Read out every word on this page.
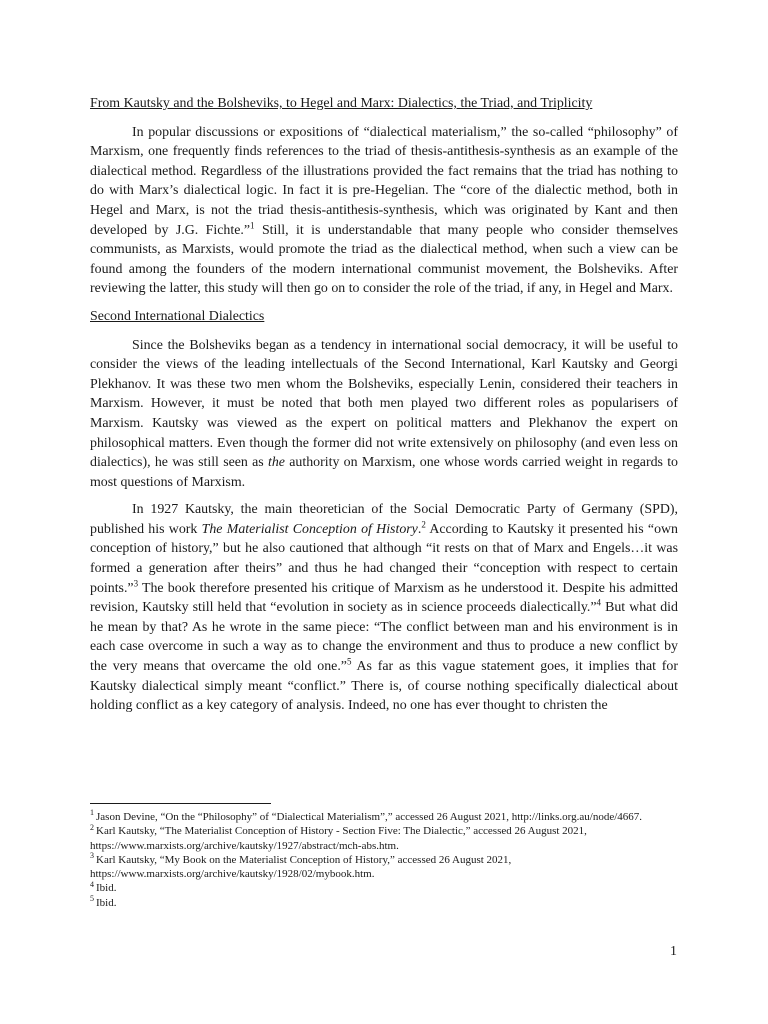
From Kautsky and the Bolsheviks, to Hegel and Marx: Dialectics, the Triad, and Triplicity

In popular discussions or expositions of “dialectical materialism,” the so-called “philosophy” of Marxism, one frequently finds references to the triad of thesis-antithesis-synthesis as an example of the dialectical method. Regardless of the illustrations provided the fact remains that the triad has nothing to do with Marx’s dialectical logic. In fact it is pre-Hegelian. The “core of the dialectic method, both in Hegel and Marx, is not the triad thesis-antithesis-synthesis, which was originated by Kant and then developed by J.G. Fichte.”$^1$ Still, it is understandable that many people who consider themselves communists, as Marxists, would promote the triad as the dialectical method, when such a view can be found among the founders of the modern international communist movement, the Bolsheviks. After reviewing the latter, this study will then go on to consider the role of the triad, if any, in Hegel and Marx.

Second International Dialectics

Since the Bolsheviks began as a tendency in international social democracy, it will be useful to consider the views of the leading intellectuals of the Second International, Karl Kautsky and Georgi Plekhanov. It was these two men whom the Bolsheviks, especially Lenin, considered their teachers in Marxism. However, it must be noted that both men played two different roles as popularisers of Marxism. Kautsky was viewed as the expert on political matters and Plekhanov the expert on philosophical matters. Even though the former did not write extensively on philosophy (and even less on dialectics), he was still seen as the authority on Marxism, one whose words carried weight in regards to most questions of Marxism.

In 1927 Kautsky, the main theoretician of the Social Democratic Party of Germany (SPD), published his work The Materialist Conception of History.$^2$ According to Kautsky it presented his “own conception of history,” but he also cautioned that although “it rests on that of Marx and Engels…it was formed a generation after theirs” and thus he had changed their “conception with respect to certain points.”$^3$ The book therefore presented his critique of Marxism as he understood it. Despite his admitted revision, Kautsky still held that “evolution in society as in science proceeds dialectically.”$^4$ But what did he mean by that? As he wrote in the same piece: “The conflict between man and his environment is in each case overcome in such a way as to change the environment and thus to produce a new conflict by the very means that overcame the old one.”$^5$ As far as this vague statement goes, it implies that for Kautsky dialectical simply meant “conflict.” There is, of course nothing specifically dialectical about holding conflict as a key category of analysis. Indeed, no one has ever thought to christen the

$^1$ Jason Devine, “On the “Philosophy” of “Dialectical Materialism”,” accessed 26 August 2021, http://links.org.au/node/4667.

$^2$ Karl Kautsky, “The Materialist Conception of History - Section Five: The Dialectic,” accessed 26 August 2021, https://www.marxists.org/archive/kautsky/1927/abstract/mch-abs.htm.

$^3$ Karl Kautsky, “My Book on the Materialist Conception of History,” accessed 26 August 2021, https://www.marxists.org/archive/kautsky/1928/02/mybook.htm.

$^4$ Ibid.

$^5$ Ibid.

1
